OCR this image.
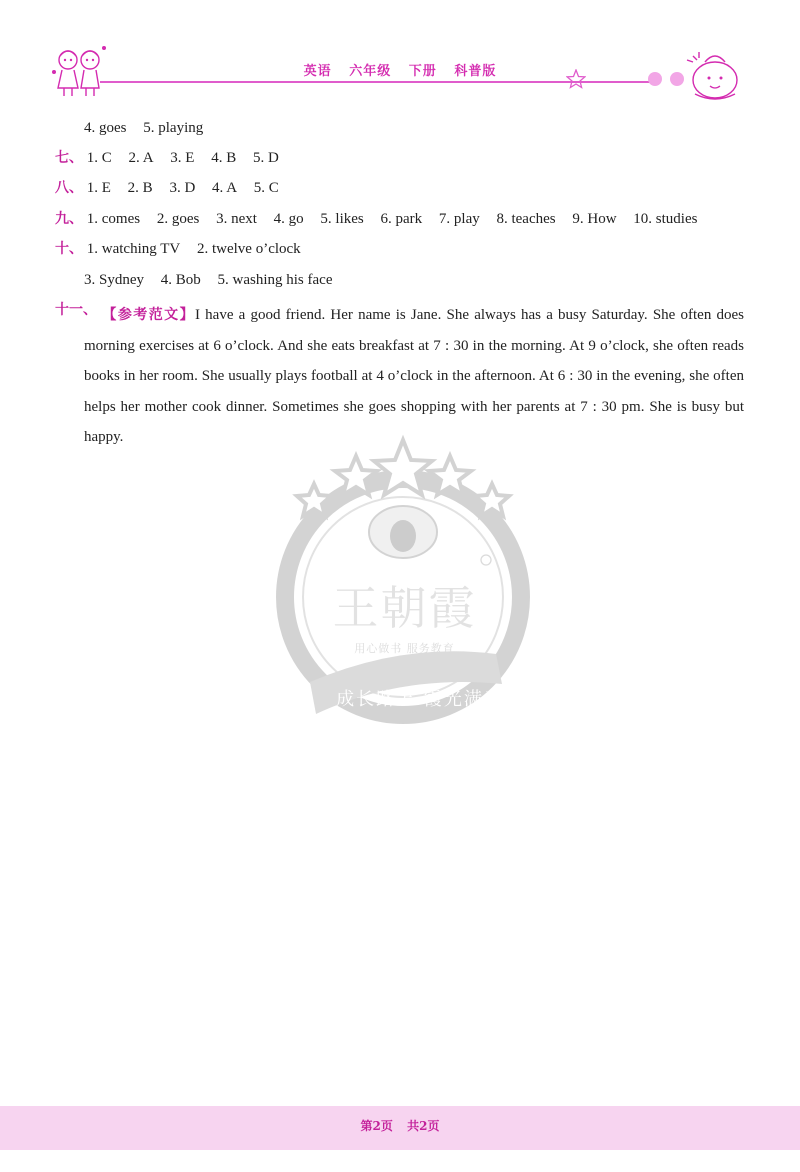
英语 六年级 下册 科普版

4. goes 5. playing
七、 1. C 2. A 3. E 4. B 5. D
八、 1. E 2. B 3. D 4. A 5. C
九、 1. comes 2. goes 3. next 4. go 5. likes 6. park 7. play 8. teaches 9. How 10. studies
十、 1. watching TV 2. twelve o’clock
3. Sydney 4. Bob 5. washing his face
十一、 【参考范文】I have a good friend. Her name is Jane. She always has a busy Saturday. She often does morning exercises at 6 o’clock. And she eats breakfast at 7 : 30 in the morning. At 9 o’clock, she often reads books in her room. She usually plays football at 4 o’clock in the afternoon. At 6 : 30 in the evening, she often helps her mother cook dinner. Sometimes she goes shopping with her parents at 7 : 30 pm. She is busy but happy.
王朝霞
用心做书 服务教育
成长路上 霞光满天
第2页 共2页
